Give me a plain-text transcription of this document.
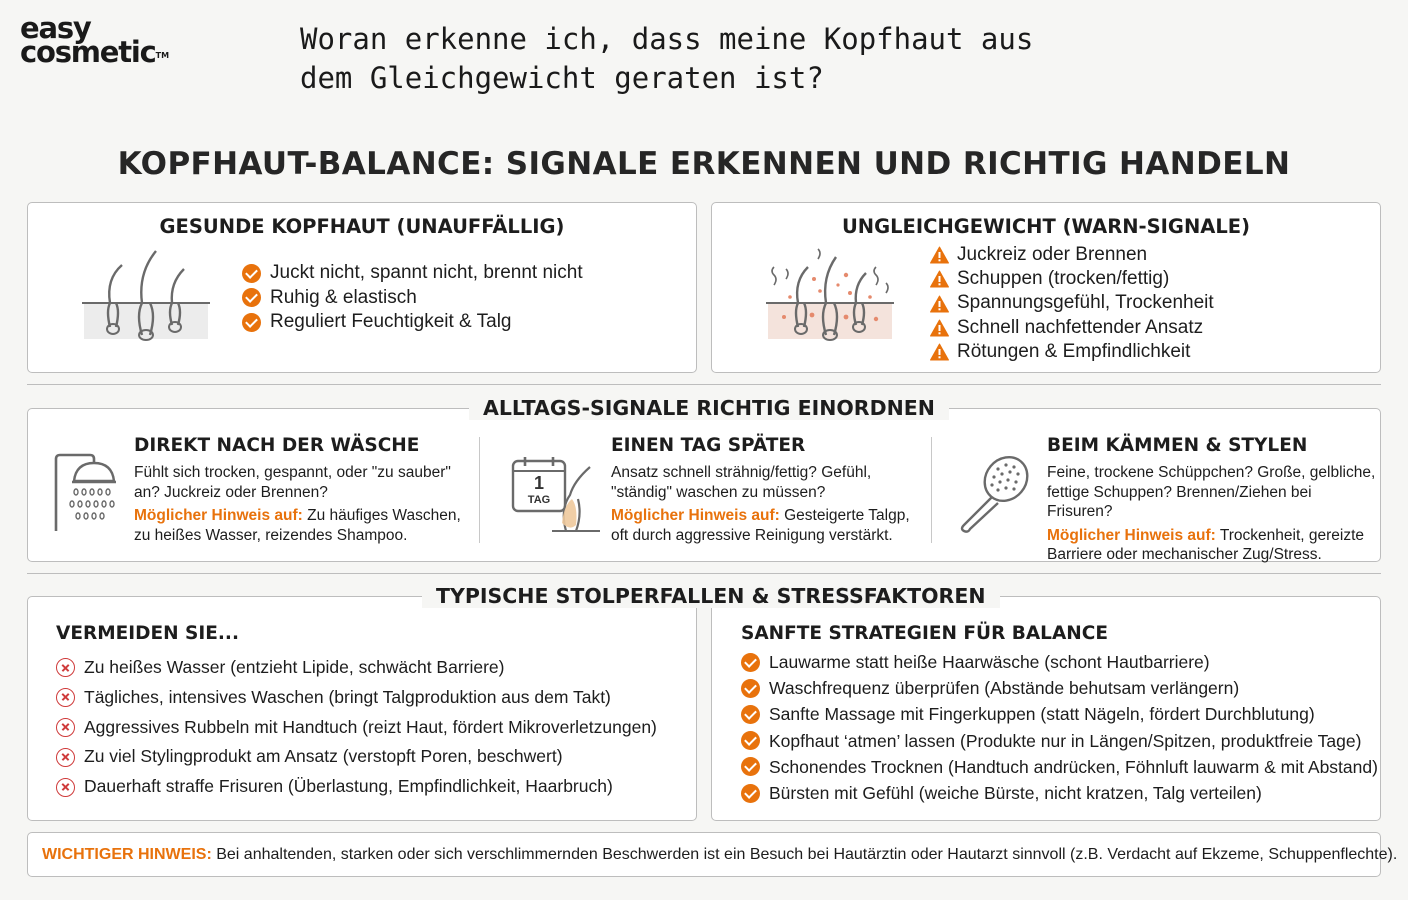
easy
cosmetic™	Woran erkenne ich, dass meine Kopfhaut aus dem Gleichgewicht geraten ist?
KOPFHAUT-BALANCE: SIGNALE ERKENNEN UND RICHTIG HANDELN
GESUNDE KOPFHAUT (UNAUFFÄLLIG)
Juckt nicht, spannt nicht, brennt nicht
Ruhig & elastisch
Reguliert Feuchtigkeit & Talg
UNGLEICHGEWICHT (WARN-SIGNALE)
Juckreiz oder Brennen
Schuppen (trocken/fettig)
Spannungsgefühl, Trockenheit
Schnell nachfettender Ansatz
Rötungen & Empfindlichkeit
DIREKT NACH DER WÄSCHE
Fühlt sich trocken, gespannt, oder "zu sauber" an? Juckreiz oder Brennen?
Möglicher Hinweis auf: Zu häufiges Waschen, zu heißes Wasser, reizendes Shampoo.
1
TAG
EINEN TAG SPÄTER
Ansatz schnell strähnig/fettig? Gefühl, "ständig" waschen zu müssen?
Möglicher Hinweis auf: Gesteigerte Talgp, oft durch aggressive Reinigung verstärkt.
BEIM KÄMMEN & STYLEN
Feine, trockene Schüppchen? Große, gelbliche, fettige Schuppen? Brennen/Ziehen bei Frisuren?
Möglicher Hinweis auf: Trockenheit, gereizte Barriere oder mechanischer Zug/Stress.
ALLTAGS-SIGNALE RICHTIG EINORDNEN
VERMEIDEN SIE...
Zu heißes Wasser (entzieht Lipide, schwächt Barriere)
Tägliches, intensives Waschen (bringt Talgproduktion aus dem Takt)
Aggressives Rubbeln mit Handtuch (reizt Haut, fördert Mikroverletzungen)
Zu viel Stylingprodukt am Ansatz (verstopft Poren, beschwert)
Dauerhaft straffe Frisuren (Überlastung, Empfindlichkeit, Haarbruch)
SANFTE STRATEGIEN FÜR BALANCE
Lauwarme statt heiße Haarwäsche (schont Hautbarriere)
Waschfrequenz überprüfen (Abstände behutsam verlängern)
Sanfte Massage mit Fingerkuppen (statt Nägeln, fördert Durchblutung)
Kopfhaut ‘atmen’ lassen (Produkte nur in Längen/Spitzen, produktfreie Tage)
Schonendes Trocknen (Handtuch andrücken, Föhnluft lauwarm & mit Abstand)
Bürsten mit Gefühl (weiche Bürste, nicht kratzen, Talg verteilen)
TYPISCHE STOLPERFALLEN & STRESSFAKTOREN
WICHTIGER HINWEIS: Bei anhaltenden, starken oder sich verschlimmernden Beschwerden ist ein Besuch bei Hautärztin oder Hautarzt sinnvoll (z.B. Verdacht auf Ekzeme, Schuppenflechte).
